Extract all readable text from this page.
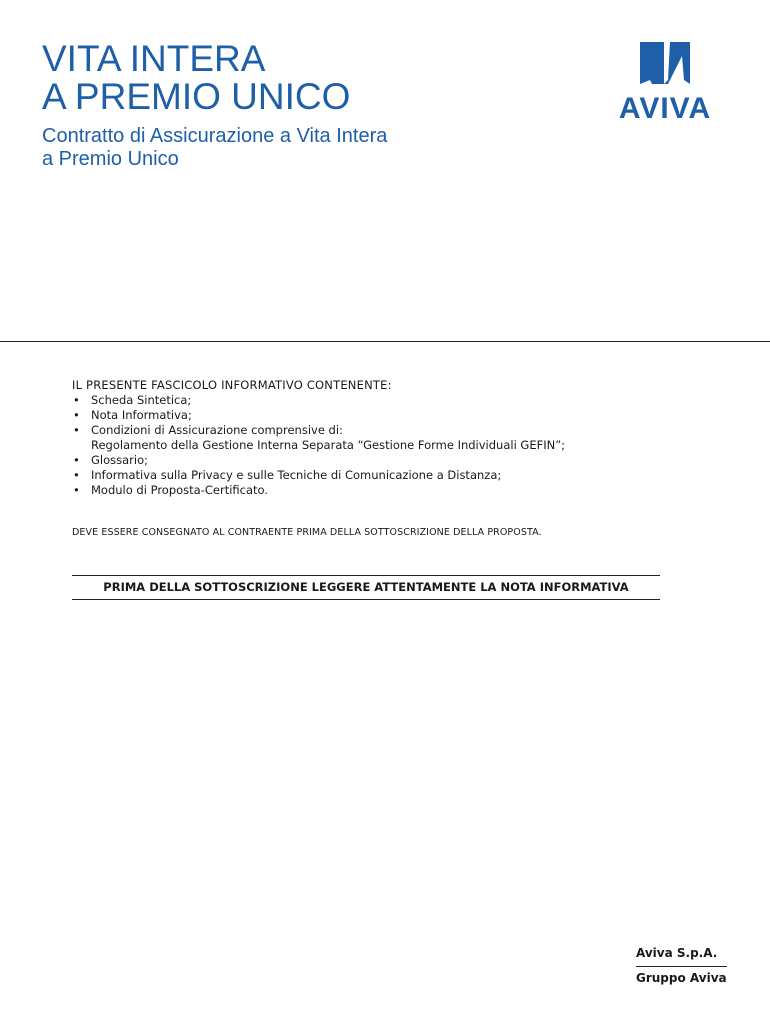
VITA INTERA
A PREMIO UNICO
Contratto di Assicurazione a Vita Intera
a Premio Unico
AVIVA
IL PRESENTE FASCICOLO INFORMATIVO CONTENENTE:
• Scheda Sintetica;
• Nota Informativa;
• Condizioni di Assicurazione comprensive di:
Regolamento della Gestione Interna Separata “Gestione Forme Individuali GEFIN”;
• Glossario;
• Informativa sulla Privacy e sulle Tecniche di Comunicazione a Distanza;
• Modulo di Proposta-Certificato.
DEVE ESSERE CONSEGNATO AL CONTRAENTE PRIMA DELLA SOTTOSCRIZIONE DELLA PROPOSTA.
PRIMA DELLA SOTTOSCRIZIONE LEGGERE ATTENTAMENTE LA NOTA INFORMATIVA
Aviva S.p.A.
Gruppo Aviva
